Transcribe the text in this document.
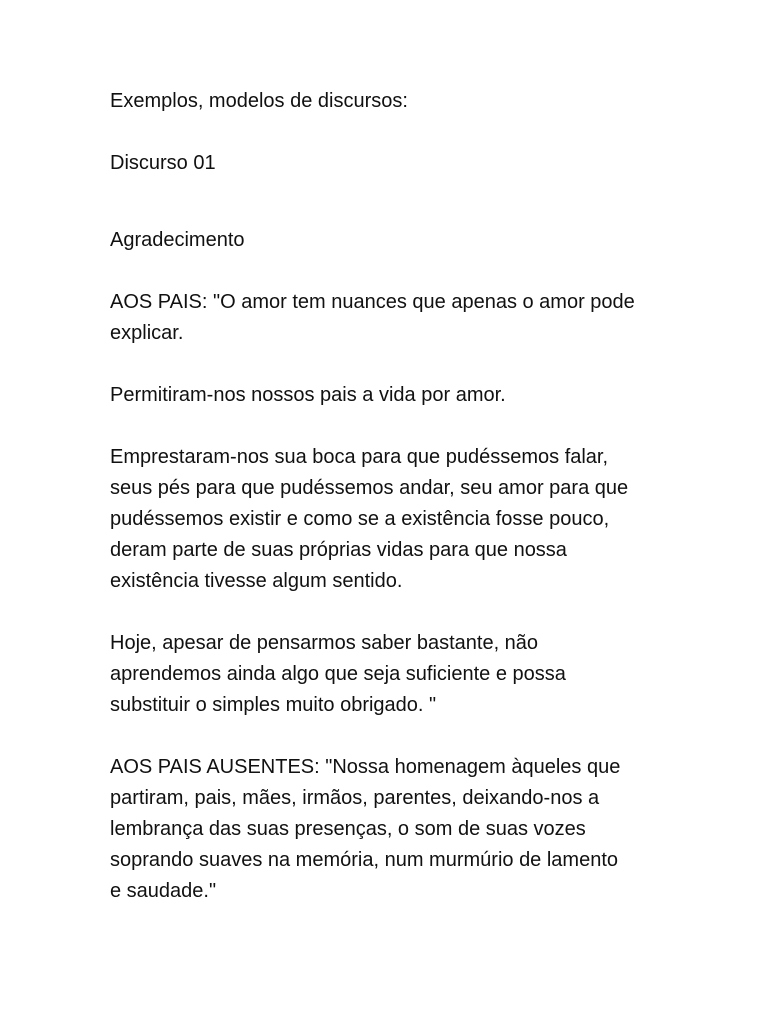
Exemplos, modelos de discursos:
Discurso 01
Agradecimento
AOS PAIS: "O amor tem nuances que apenas o amor pode
explicar.
Permitiram-nos nossos pais a vida por amor.
Emprestaram-nos sua boca para que pudéssemos falar,
seus pés para que pudéssemos andar, seu amor para que
pudéssemos existir e como se a existência fosse pouco,
deram parte de suas próprias vidas para que nossa
existência tivesse algum sentido.
Hoje, apesar de pensarmos saber bastante, não
aprendemos ainda algo que seja suficiente e possa
substituir o simples muito obrigado. "
AOS PAIS AUSENTES: "Nossa homenagem àqueles que
partiram, pais, mães, irmãos, parentes, deixando-nos a
lembrança das suas presenças, o som de suas vozes
soprando suaves na memória, num murmúrio de lamento
e saudade."
